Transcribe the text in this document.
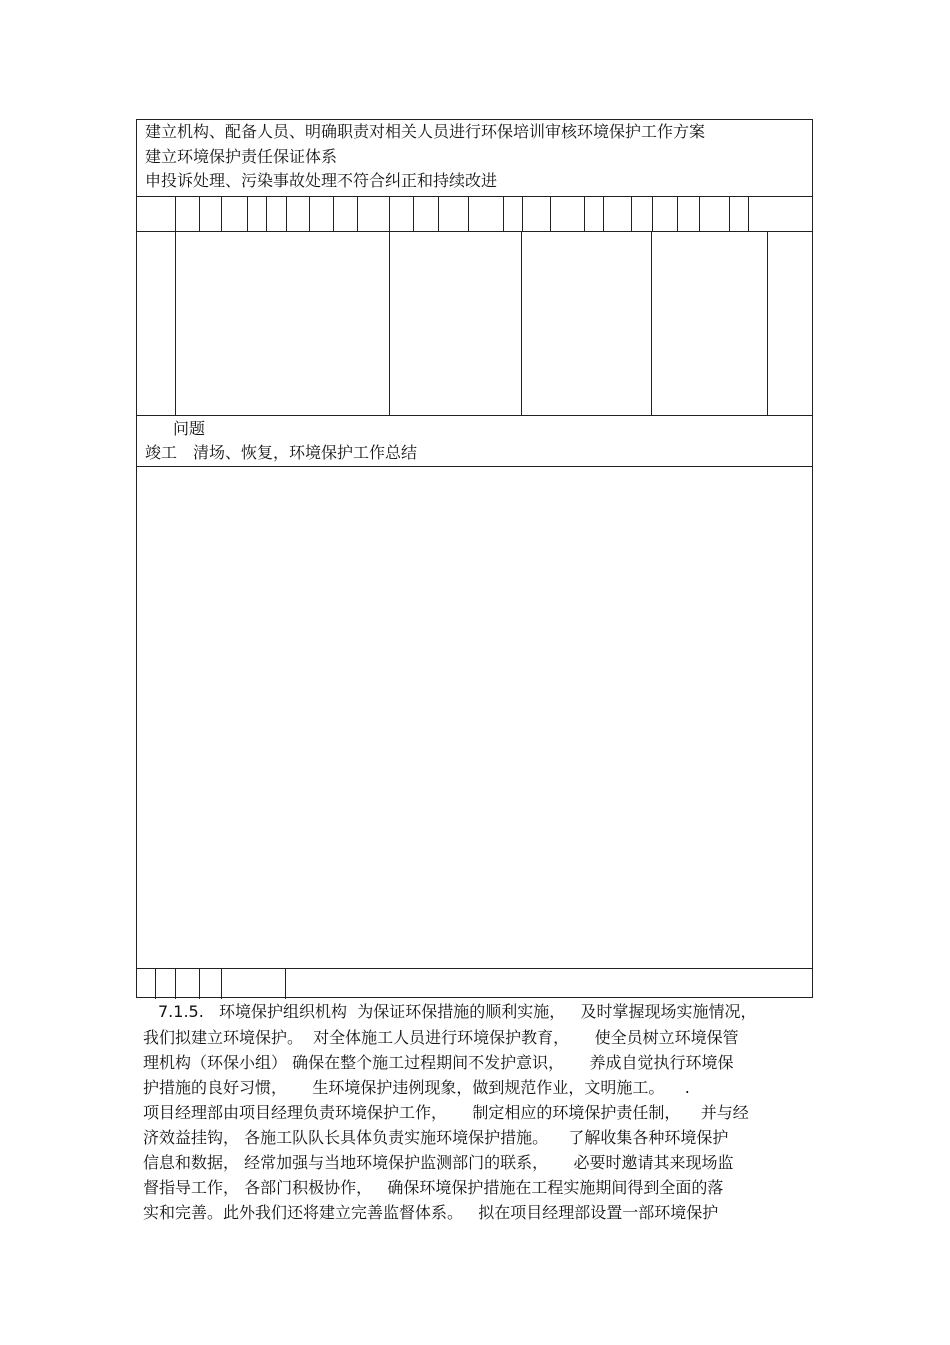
建立机构、配备人员、明确职责对相关人员进行环保培训审核环境保护工作方案
建立环境保护责任保证体系
申投诉处理、污染事故处理不符合纠正和持续改进
问题
竣工 清场、恢复，环境保护工作总结
7.1.5.   环境保护组织机构  为保证环保措施的顺利实施，   及时掌握现场实施情况，
我们拟建立环境保护。  对全体施工人员进行环境保护教育，     使全员树立环境保管
理机构（环保小组） 确保在整个施工过程期间不发护意识，     养成自觉执行环境保
护措施的良好习惯，     生环境保护违例现象，做到规范作业，文明施工。    .
项目经理部由项目经理负责环境保护工作，     制定相应的环境保护责任制，    并与经
济效益挂钩， 各施工队队长具体负责实施环境保护措施。    了解收集各种环境保护
信息和数据， 经常加强与当地环境保护监测部门的联系，     必要时邀请其来现场监
督指导工作， 各部门积极协作，   确保环境保护措施在工程实施期间得到全面的落
实和完善。此外我们还将建立完善监督体系。   拟在项目经理部设置一部环境保护
